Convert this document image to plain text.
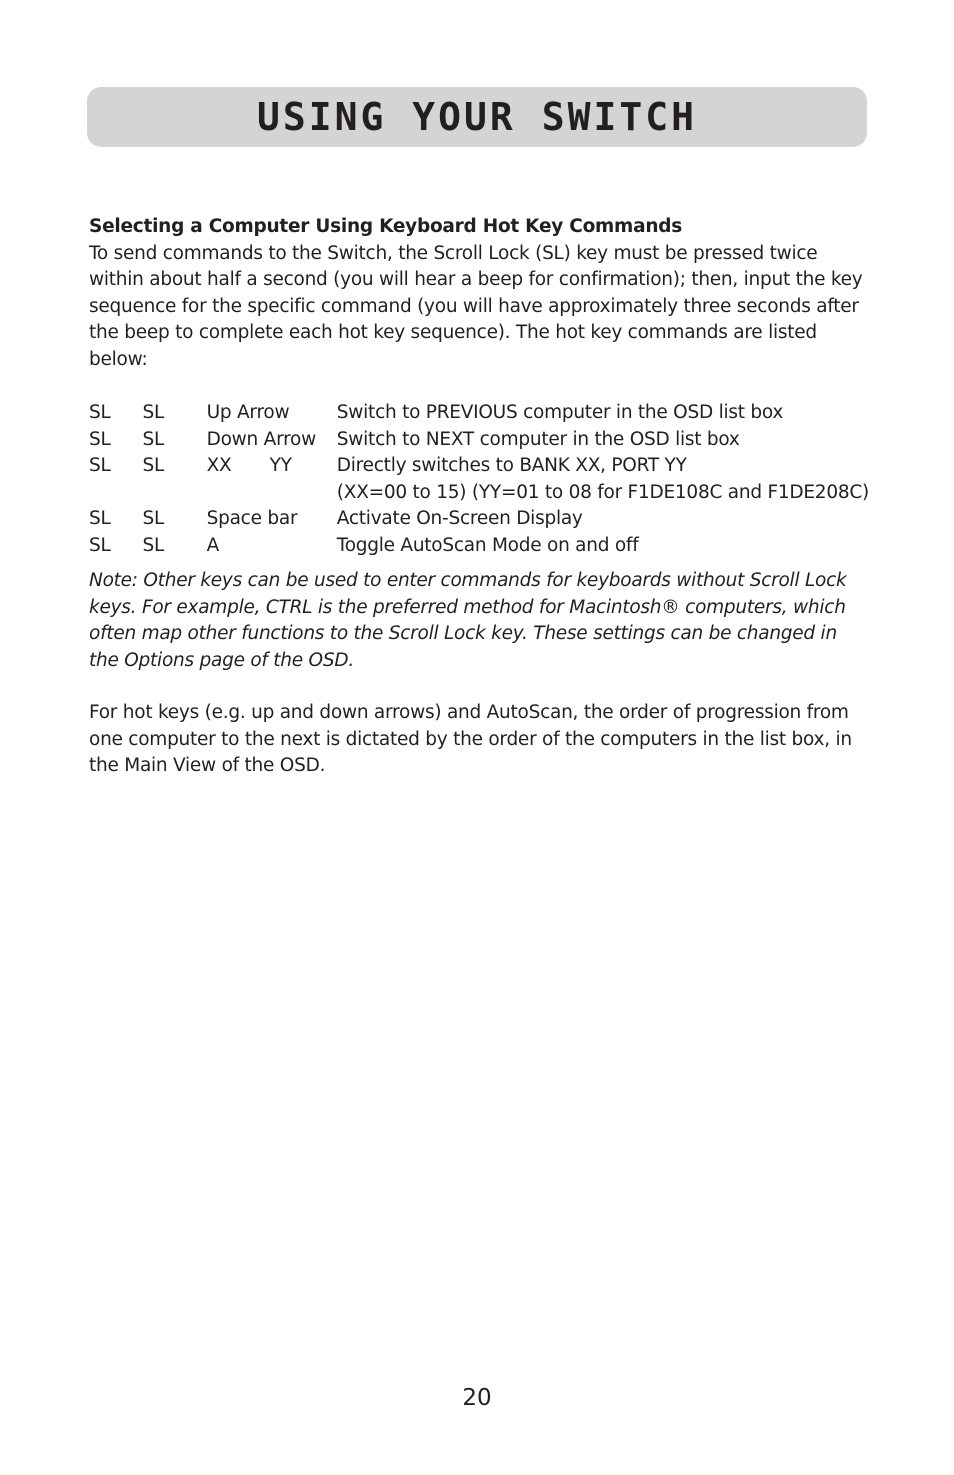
USING YOUR SWITCH

Selecting a Computer Using Keyboard Hot Key Commands

To send commands to the Switch, the Scroll Lock (SL) key must be pressed twice within about half a second (you will hear a beep for confirmation); then, input the key sequence for the specific command (you will have approximately three seconds after the beep to complete each hot key sequence). The hot key commands are listed below:

SL	SL	Up Arrow	Switch to PREVIOUS computer in the OSD list box
SL	SL	Down Arrow	Switch to NEXT computer in the OSD list box
SL	SL	XX YY	Directly switches to BANK XX, PORT YY
(XX=00 to 15) (YY=01 to 08 for F1DE108C and F1DE208C)

SL	SL	Space bar	Activate On-Screen Display
SL	SL	A	Toggle AutoScan Mode on and off

Note: Other keys can be used to enter commands for keyboards without Scroll Lock keys. For example, CTRL is the preferred method for Macintosh® computers, which often map other functions to the Scroll Lock key. These settings can be changed in the Options page of the OSD.

For hot keys (e.g. up and down arrows) and AutoScan, the order of progression from one computer to the next is dictated by the order of the computers in the list box, in the Main View of the OSD.

20
